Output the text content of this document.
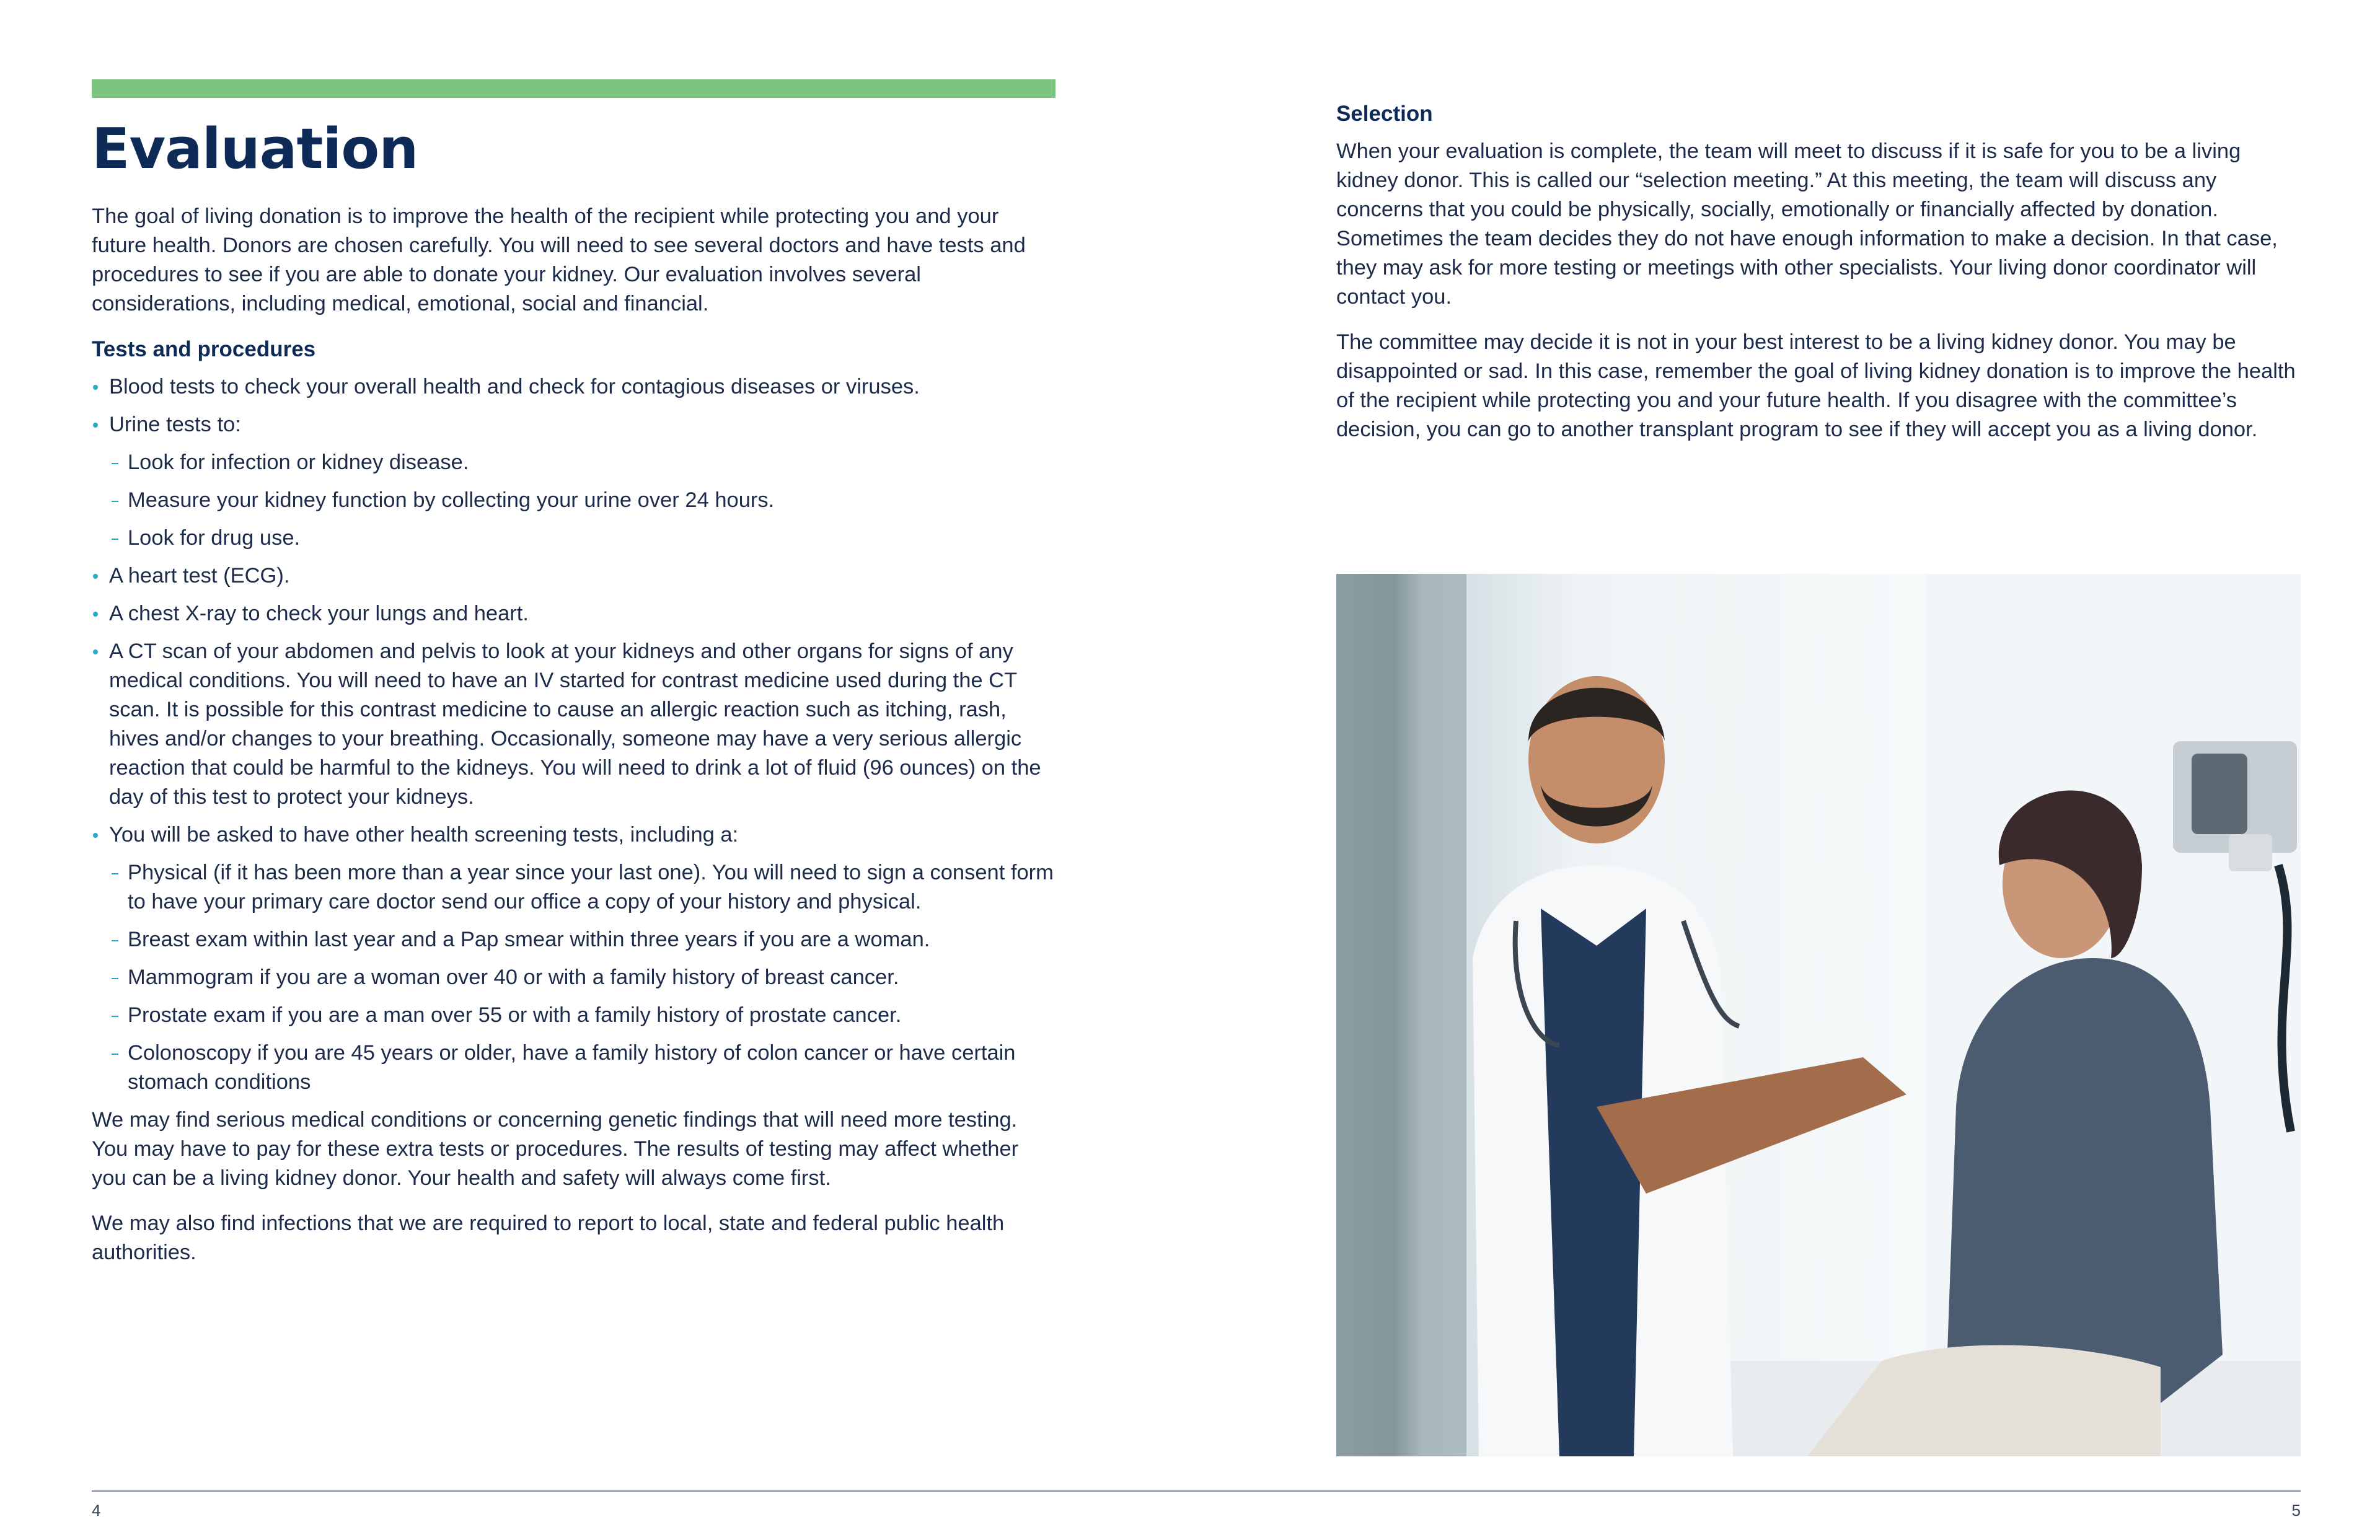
Evaluation

The goal of living donation is to improve the health of the recipient while protecting you and your future health. Donors are chosen carefully. You will need to see several doctors and have tests and procedures to see if you are able to donate your kidney. Our evaluation involves several considerations, including medical, emotional, social and financial.

Tests and procedures

Blood tests to check your overall health and check for contagious diseases or viruses.
Urine tests to:
Look for infection or kidney disease.
Measure your kidney function by collecting your urine over 24 hours.
Look for drug use.
A heart test (ECG).
A chest X-ray to check your lungs and heart.
A CT scan of your abdomen and pelvis to look at your kidneys and other organs for signs of any medical conditions. You will need to have an IV started for contrast medicine used during the CT scan. It is possible for this contrast medicine to cause an allergic reaction such as itching, rash, hives and/or changes to your breathing. Occasionally, someone may have a very serious allergic reaction that could be harmful to the kidneys. You will need to drink a lot of fluid (96 ounces) on the day of this test to protect your kidneys.
You will be asked to have other health screening tests, including a:
Physical (if it has been more than a year since your last one). You will need to sign a consent form to have your primary care doctor send our office a copy of your history and physical.
Breast exam within last year and a Pap smear within three years if you are a woman.
Mammogram if you are a woman over 40 or with a family history of breast cancer.
Prostate exam if you are a man over 55 or with a family history of prostate cancer.
Colonoscopy if you are 45 years or older, have a family history of colon cancer or have certain stomach conditions

We may find serious medical conditions or concerning genetic findings that will need more testing. You may have to pay for these extra tests or procedures. The results of testing may affect whether you can be a living kidney donor. Your health and safety will always come first.

We may also find infections that we are required to report to local, state and federal public health authorities.

Selection

When your evaluation is complete, the team will meet to discuss if it is safe for you to be a living kidney donor. This is called our “selection meeting.” At this meeting, the team will discuss any concerns that you could be physically, socially, emotionally or financially affected by donation. Sometimes the team decides they do not have enough information to make a decision. In that case, they may ask for more testing or meetings with other specialists. Your living donor coordinator will contact you.

The committee may decide it is not in your best interest to be a living kidney donor. You may be disappointed or sad. In this case, remember the goal of living kidney donation is to improve the health of the recipient while protecting you and your future health. If you disagree with the committee’s decision, you can go to another transplant program to see if they will accept you as a living donor.

4	5
